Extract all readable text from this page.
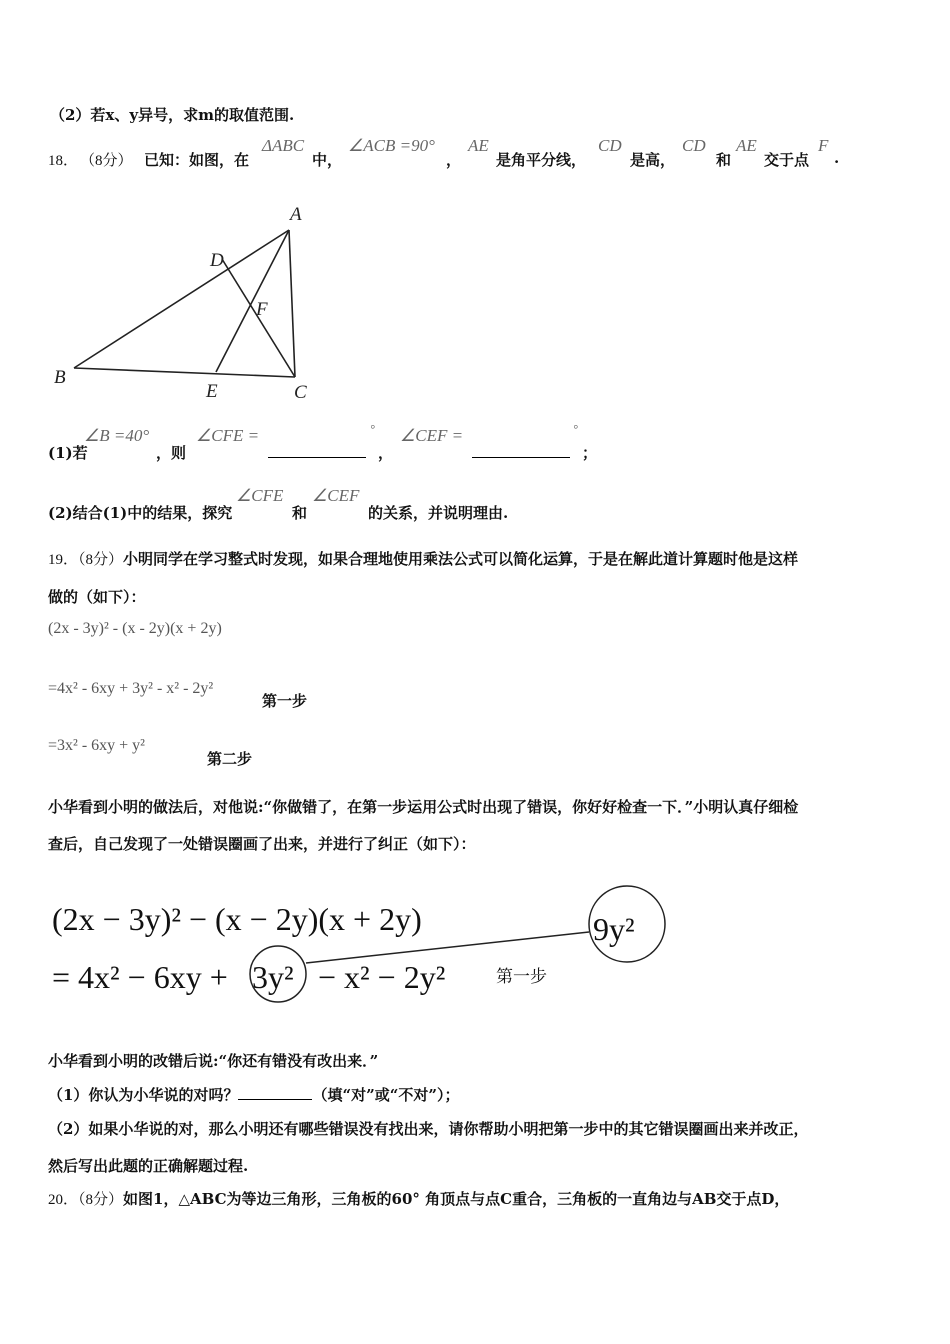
（2）若x、y异号，求m的取值范围.
18． （8分） 已知：如图，在
ΔABC
中，
∠ACB =90°
，
AE
是角平分线，
CD
是高，
CD
和
AE
交于点
F
.
A
B
C
D
E
F
(1)若
∠B =40°
，则
∠CFE =	°
，
∠CEF =	°
；
(2)结合(1)中的结果，探究
∠CFE
和
∠CEF
的关系，并说明理由.
19．（8分）小明同学在学习整式时发现，如果合理地使用乘法公式可以简化运算，于是在解此道计算题时他是这样
做的（如下）：
(2x - 3y)² - (x - 2y)(x + 2y)
=4x² - 6xy + 3y² - x² - 2y²
第一步
=3x² - 6xy + y²
第二步
小华看到小明的做法后，对他说:“你做错了，在第一步运用公式时出现了错误，你好好检查一下．”小明认真仔细检
查后，自己发现了一处错误圈画了出来，并进行了纠正（如下）：
(2x − 3y)² − (x − 2y)(x + 2y)
= 4x² − 6xy + 3y² − x² − 2y²
9y²
第一步
小华看到小明的改错后说:“你还有错没有改出来．”
（1）你认为小华说的对吗？	（填“对”或“不对”）；
（2）如果小华说的对，那么小明还有哪些错误没有找出来，请你帮助小明把第一步中的其它错误圈画出来并改正，
然后写出此题的正确解题过程.
20．（8分）如图1，△ABC为等边三角形，三角板的60° 角顶点与点C重合，三角板的一直角边与AB交于点D，
